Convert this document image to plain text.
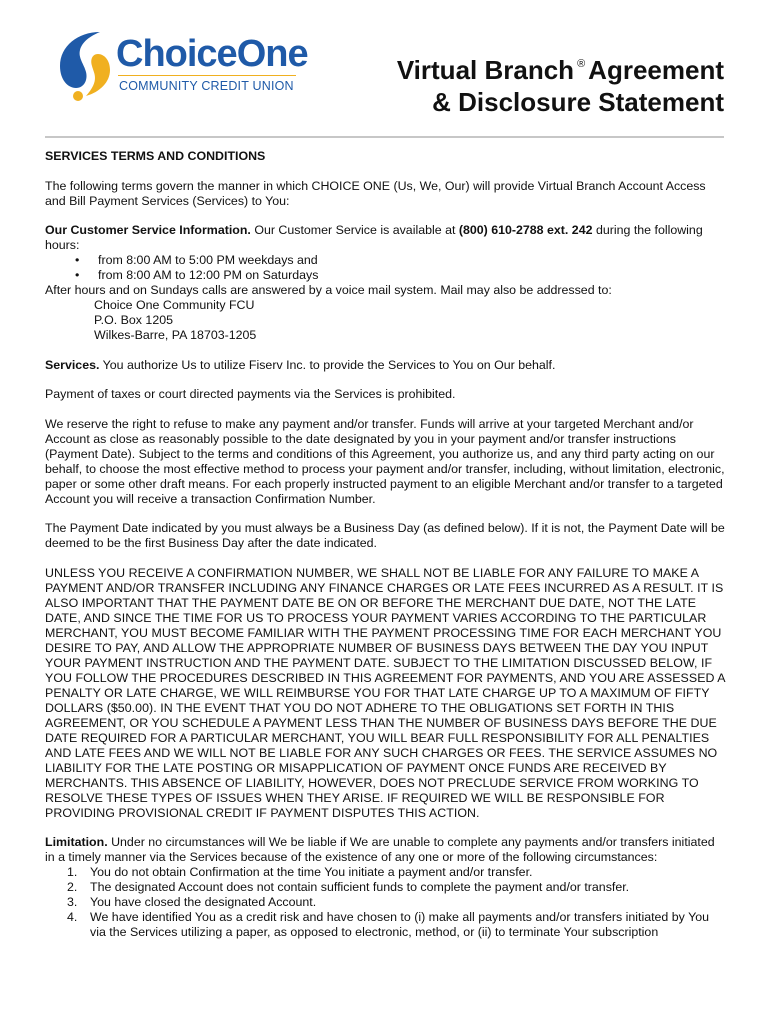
ChoiceOne
COMMUNITY CREDIT UNION
Virtual Branch ® Agreement
& Disclosure Statement

SERVICES TERMS AND CONDITIONS

The following terms govern the manner in which CHOICE ONE (Us, We, Our) will provide Virtual Branch Account Access and Bill Payment Services (Services) to You:

Our Customer Service Information. Our Customer Service is available at (800) 610-2788 ext. 242 during the following hours:

• from 8:00 AM to 5:00 PM weekdays and
• from 8:00 AM to 12:00 PM on Saturdays
After hours and on Sundays calls are answered by a voice mail system. Mail may also be addressed to:
Choice One Community FCU
P.O. Box 1205
Wilkes-Barre, PA 18703-1205

Services. You authorize Us to utilize Fiserv Inc. to provide the Services to You on Our behalf.

Payment of taxes or court directed payments via the Services is prohibited.

We reserve the right to refuse to make any payment and/or transfer. Funds will arrive at your targeted Merchant and/or Account as close as reasonably possible to the date designated by you in your payment and/or transfer instructions (Payment Date). Subject to the terms and conditions of this Agreement, you authorize us, and any third party acting on our behalf, to choose the most effective method to process your payment and/or transfer, including, without limitation, electronic, paper or some other draft means. For each properly instructed payment to an eligible Merchant and/or transfer to a targeted Account you will receive a transaction Confirmation Number.

The Payment Date indicated by you must always be a Business Day (as defined below). If it is not, the Payment Date will be deemed to be the first Business Day after the date indicated.

UNLESS YOU RECEIVE A CONFIRMATION NUMBER, WE SHALL NOT BE LIABLE FOR ANY FAILURE TO MAKE A PAYMENT AND/OR TRANSFER INCLUDING ANY FINANCE CHARGES OR LATE FEES INCURRED AS A RESULT. IT IS ALSO IMPORTANT THAT THE PAYMENT DATE BE ON OR BEFORE THE MERCHANT DUE DATE, NOT THE LATE DATE, AND SINCE THE TIME FOR US TO PROCESS YOUR PAYMENT VARIES ACCORDING TO THE PARTICULAR MERCHANT, YOU MUST BECOME FAMILIAR WITH THE PAYMENT PROCESSING TIME FOR EACH MERCHANT YOU DESIRE TO PAY, AND ALLOW THE APPROPRIATE NUMBER OF BUSINESS DAYS BETWEEN THE DAY YOU INPUT YOUR PAYMENT INSTRUCTION AND THE PAYMENT DATE. SUBJECT TO THE LIMITATION DISCUSSED BELOW, IF YOU FOLLOW THE PROCEDURES DESCRIBED IN THIS AGREEMENT FOR PAYMENTS, AND YOU ARE ASSESSED A PENALTY OR LATE CHARGE, WE WILL REIMBURSE YOU FOR THAT LATE CHARGE UP TO A MAXIMUM OF FIFTY DOLLARS ($50.00). IN THE EVENT THAT YOU DO NOT ADHERE TO THE OBLIGATIONS SET FORTH IN THIS AGREEMENT, OR YOU SCHEDULE A PAYMENT LESS THAN THE NUMBER OF BUSINESS DAYS BEFORE THE DUE DATE REQUIRED FOR A PARTICULAR MERCHANT, YOU WILL BEAR FULL RESPONSIBILITY FOR ALL PENALTIES AND LATE FEES AND WE WILL NOT BE LIABLE FOR ANY SUCH CHARGES OR FEES. THE SERVICE ASSUMES NO LIABILITY FOR THE LATE POSTING OR MISAPPLICATION OF PAYMENT ONCE FUNDS ARE RECEIVED BY MERCHANTS. THIS ABSENCE OF LIABILITY, HOWEVER, DOES NOT PRECLUDE SERVICE FROM WORKING TO RESOLVE THESE TYPES OF ISSUES WHEN THEY ARISE. IF REQUIRED WE WILL BE RESPONSIBLE FOR PROVIDING PROVISIONAL CREDIT IF PAYMENT DISPUTES THIS ACTION.

Limitation. Under no circumstances will We be liable if We are unable to complete any payments and/or transfers initiated in a timely manner via the Services because of the existence of any one or more of the following circumstances:

1. You do not obtain Confirmation at the time You initiate a payment and/or transfer.
2. The designated Account does not contain sufficient funds to complete the payment and/or transfer.
3. You have closed the designated Account.
4. We have identified You as a credit risk and have chosen to (i) make all payments and/or transfers initiated by You via the Services utilizing a paper, as opposed to electronic, method, or (ii) to terminate Your subscription
